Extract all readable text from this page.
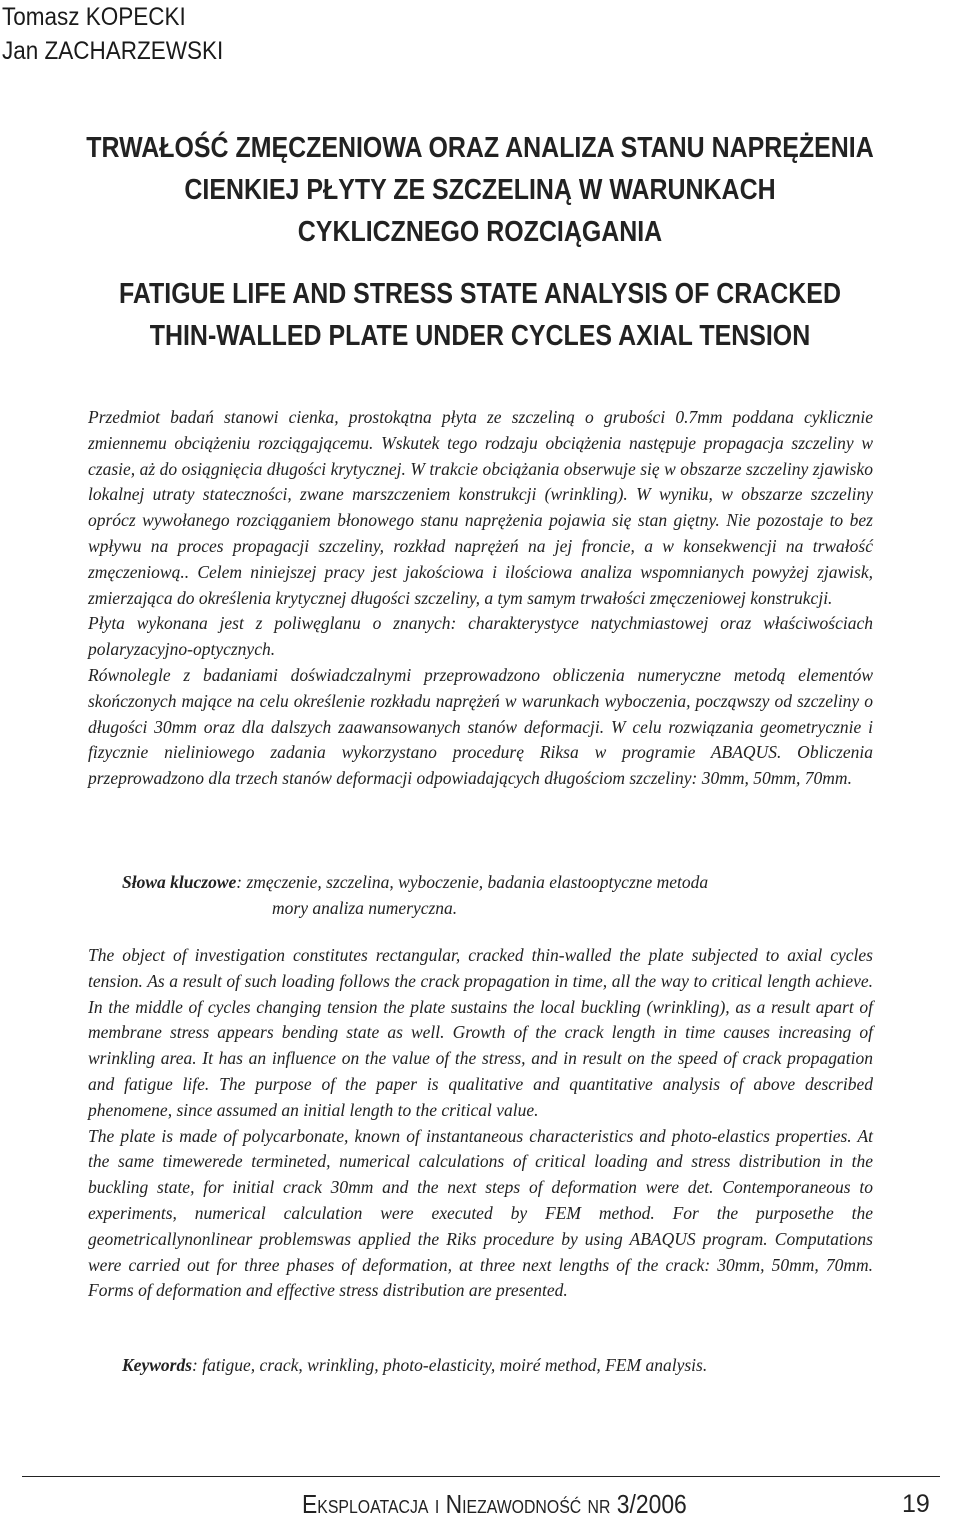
Tomasz KOPECKI
Jan ZACHARZEWSKI
TRWAŁOŚĆ ZMĘCZENIOWA ORAZ ANALIZA STANU NAPRĘŻENIA
CIENKIEJ PŁYTY ZE SZCZELINĄ W WARUNKACH
CYKLICZNEGO ROZCIĄGANIA
FATIGUE LIFE AND STRESS STATE ANALYSIS OF CRACKED
THIN-WALLED PLATE UNDER CYCLES AXIAL TENSION

Przedmiot badań stanowi cienka, prostokątna płyta ze szczeliną o grubości 0.7mm poddana cyklicznie zmiennemu obciążeniu rozciągającemu. Wskutek tego rodzaju obciążenia następuje propagacja szczeliny w czasie, aż do osiągnięcia długości krytycznej. W trakcie obciążania obserwuje się w obszarze szczeliny zjawisko lokalnej utraty stateczności, zwane marszczeniem konstrukcji (wrinkling). W wyniku, w obszarze szczeliny oprócz wywołanego rozciąganiem błonowego stanu naprężenia pojawia się stan giętny. Nie pozostaje to bez wpływu na proces propagacji szczeliny, rozkład naprężeń na jej froncie, a w konsekwencji na trwałość zmęczeniową.. Celem niniejszej pracy jest jakościowa i ilościowa analiza wspomnianych powyżej zjawisk, zmierzająca do określenia krytycznej długości szczeliny, a tym samym trwałości zmęczeniowej konstrukcji.

Płyta wykonana jest z poliwęglanu o znanych: charakterystyce natychmiastowej oraz właściwościach polaryzacyjno-optycznych.

Równolegle z badaniami doświadczalnymi przeprowadzono obliczenia numeryczne metodą elementów skończonych mające na celu określenie rozkładu naprężeń w warunkach wyboczenia, począwszy od szczeliny o długości 30mm oraz dla dalszych zaawansowanych stanów deformacji. W celu rozwiązania geometrycznie i fizycznie nieliniowego zadania wykorzystano procedurę Riksa w programie ABAQUS. Obliczenia przeprowadzono dla trzech stanów deformacji odpowiadających długościom szczeliny: 30mm, 50mm, 70mm.

Słowa kluczowe: zmęczenie, szczelina, wyboczenie, badania elastooptyczne metoda
mory analiza numeryczna.

The object of investigation constitutes rectangular, cracked thin-walled the plate subjected to axial cycles tension. As a result of such loading follows the crack propagation in time, all the way to critical length achieve. In the middle of cycles changing tension the plate sustains the local buckling (wrinkling), as a result apart of membrane stress appears bending state as well. Growth of the crack length in time causes increasing of wrinkling area. It has an influence on the value of the stress, and in result on the speed of crack propagation and fatigue life. The purpose of the paper is qualitative and quantitative analysis of above described phenomene, since assumed an initial length to the critical value.

The plate is made of polycarbonate, known of instantaneous characteristics and photo-elastics properties. At the same timewerede termineted, numerical calculations of critical loading and stress distribution in the buckling state, for initial crack 30mm and the next steps of deformation were det. Contemporaneous to experiments, numerical calculation were executed by FEM method. For the purposethe the geometricallynonlinear problemswas applied the Riks procedure by using ABAQUS program. Computations were carried out for three phases of deformation, at three next lengths of the crack: 30mm, 50mm, 70mm. Forms of deformation and effective stress distribution are presented.

Keywords: fatigue, crack, wrinkling, photo-elasticity, moiré method, FEM analysis.
Eksploatacja i Niezawodność nr 3/2006	19
